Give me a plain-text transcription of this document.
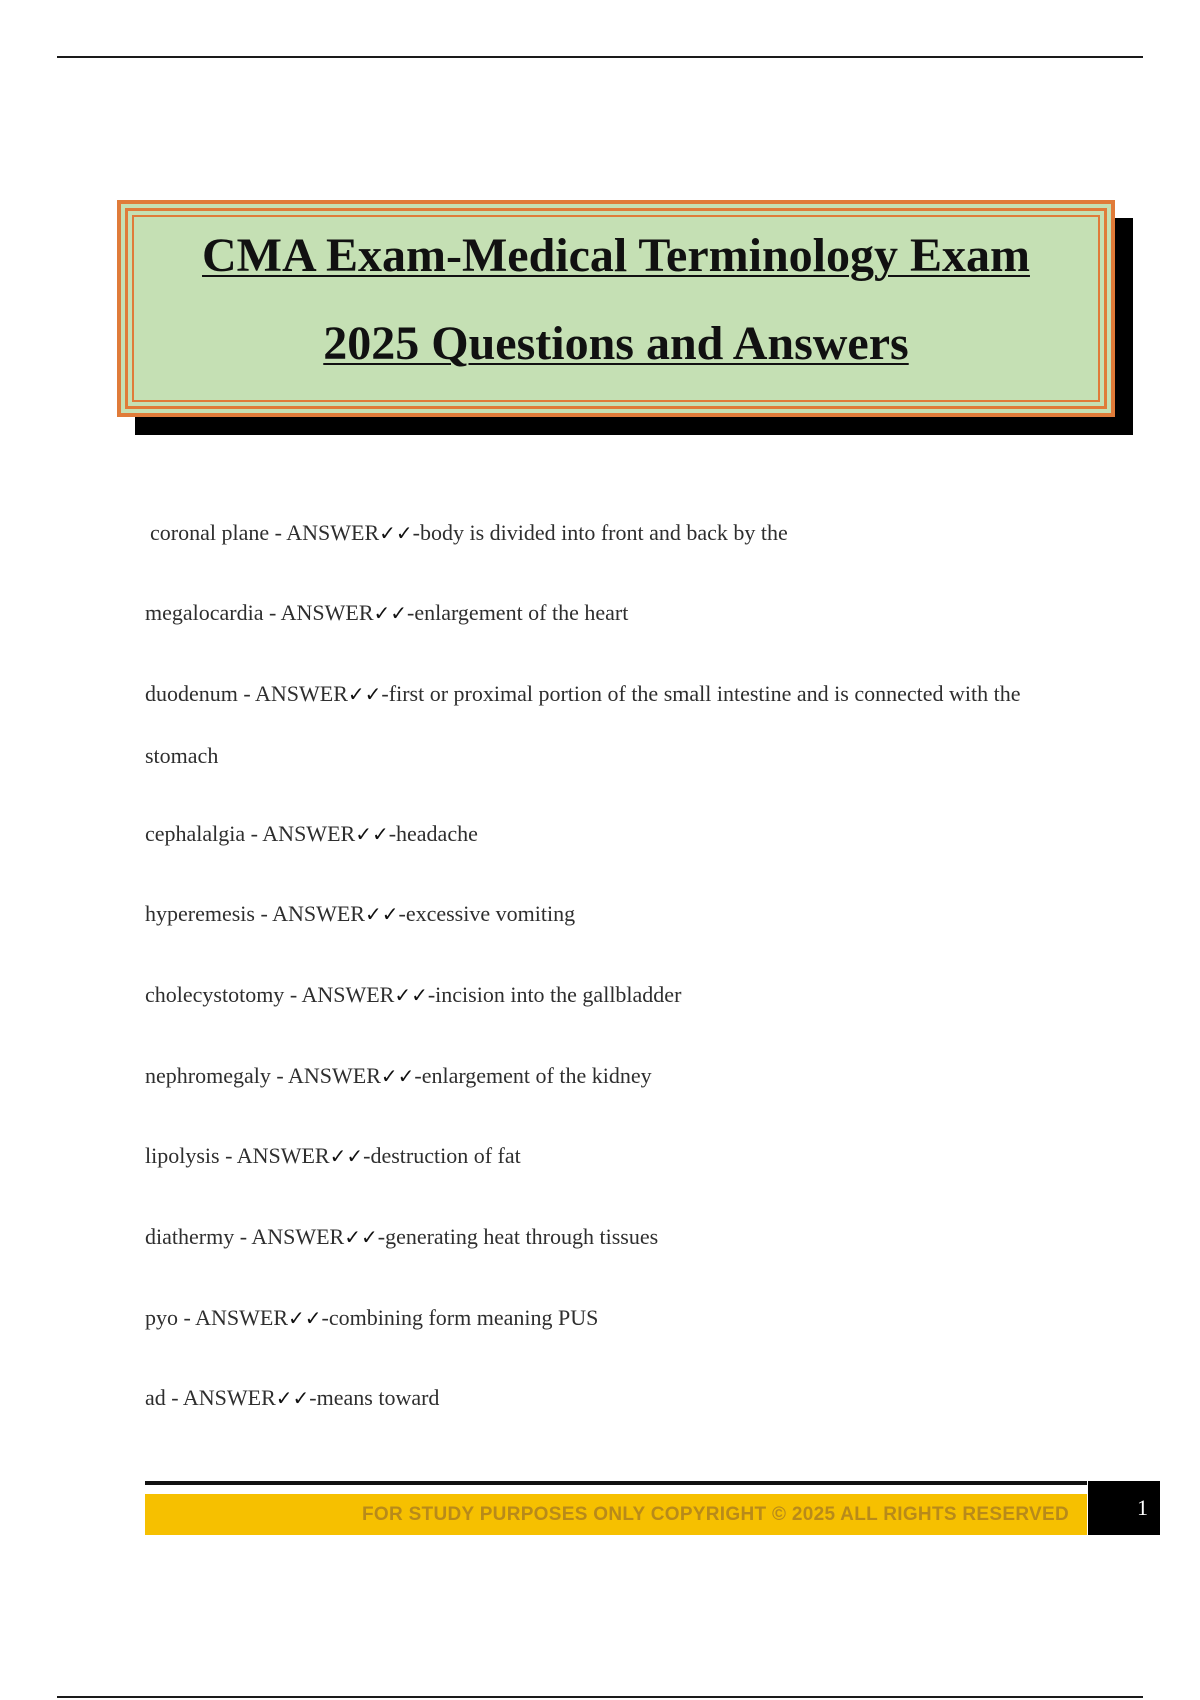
CMA Exam-Medical Terminology Exam
2025 Questions and Answers
coronal plane - ANSWER✓✓-body is divided into front and back by the
megalocardia - ANSWER✓✓-enlargement of the heart
duodenum - ANSWER✓✓-first or proximal portion of the small intestine and is connected with the stomach
cephalalgia - ANSWER✓✓-headache
hyperemesis - ANSWER✓✓-excessive vomiting
cholecystotomy - ANSWER✓✓-incision into the gallbladder
nephromegaly - ANSWER✓✓-enlargement of the kidney
lipolysis - ANSWER✓✓-destruction of fat
diathermy - ANSWER✓✓-generating heat through tissues
pyo - ANSWER✓✓-combining form meaning PUS
ad - ANSWER✓✓-means toward
FOR STUDY PURPOSES ONLY COPYRIGHT © 2025 ALL RIGHTS RESERVED	1
